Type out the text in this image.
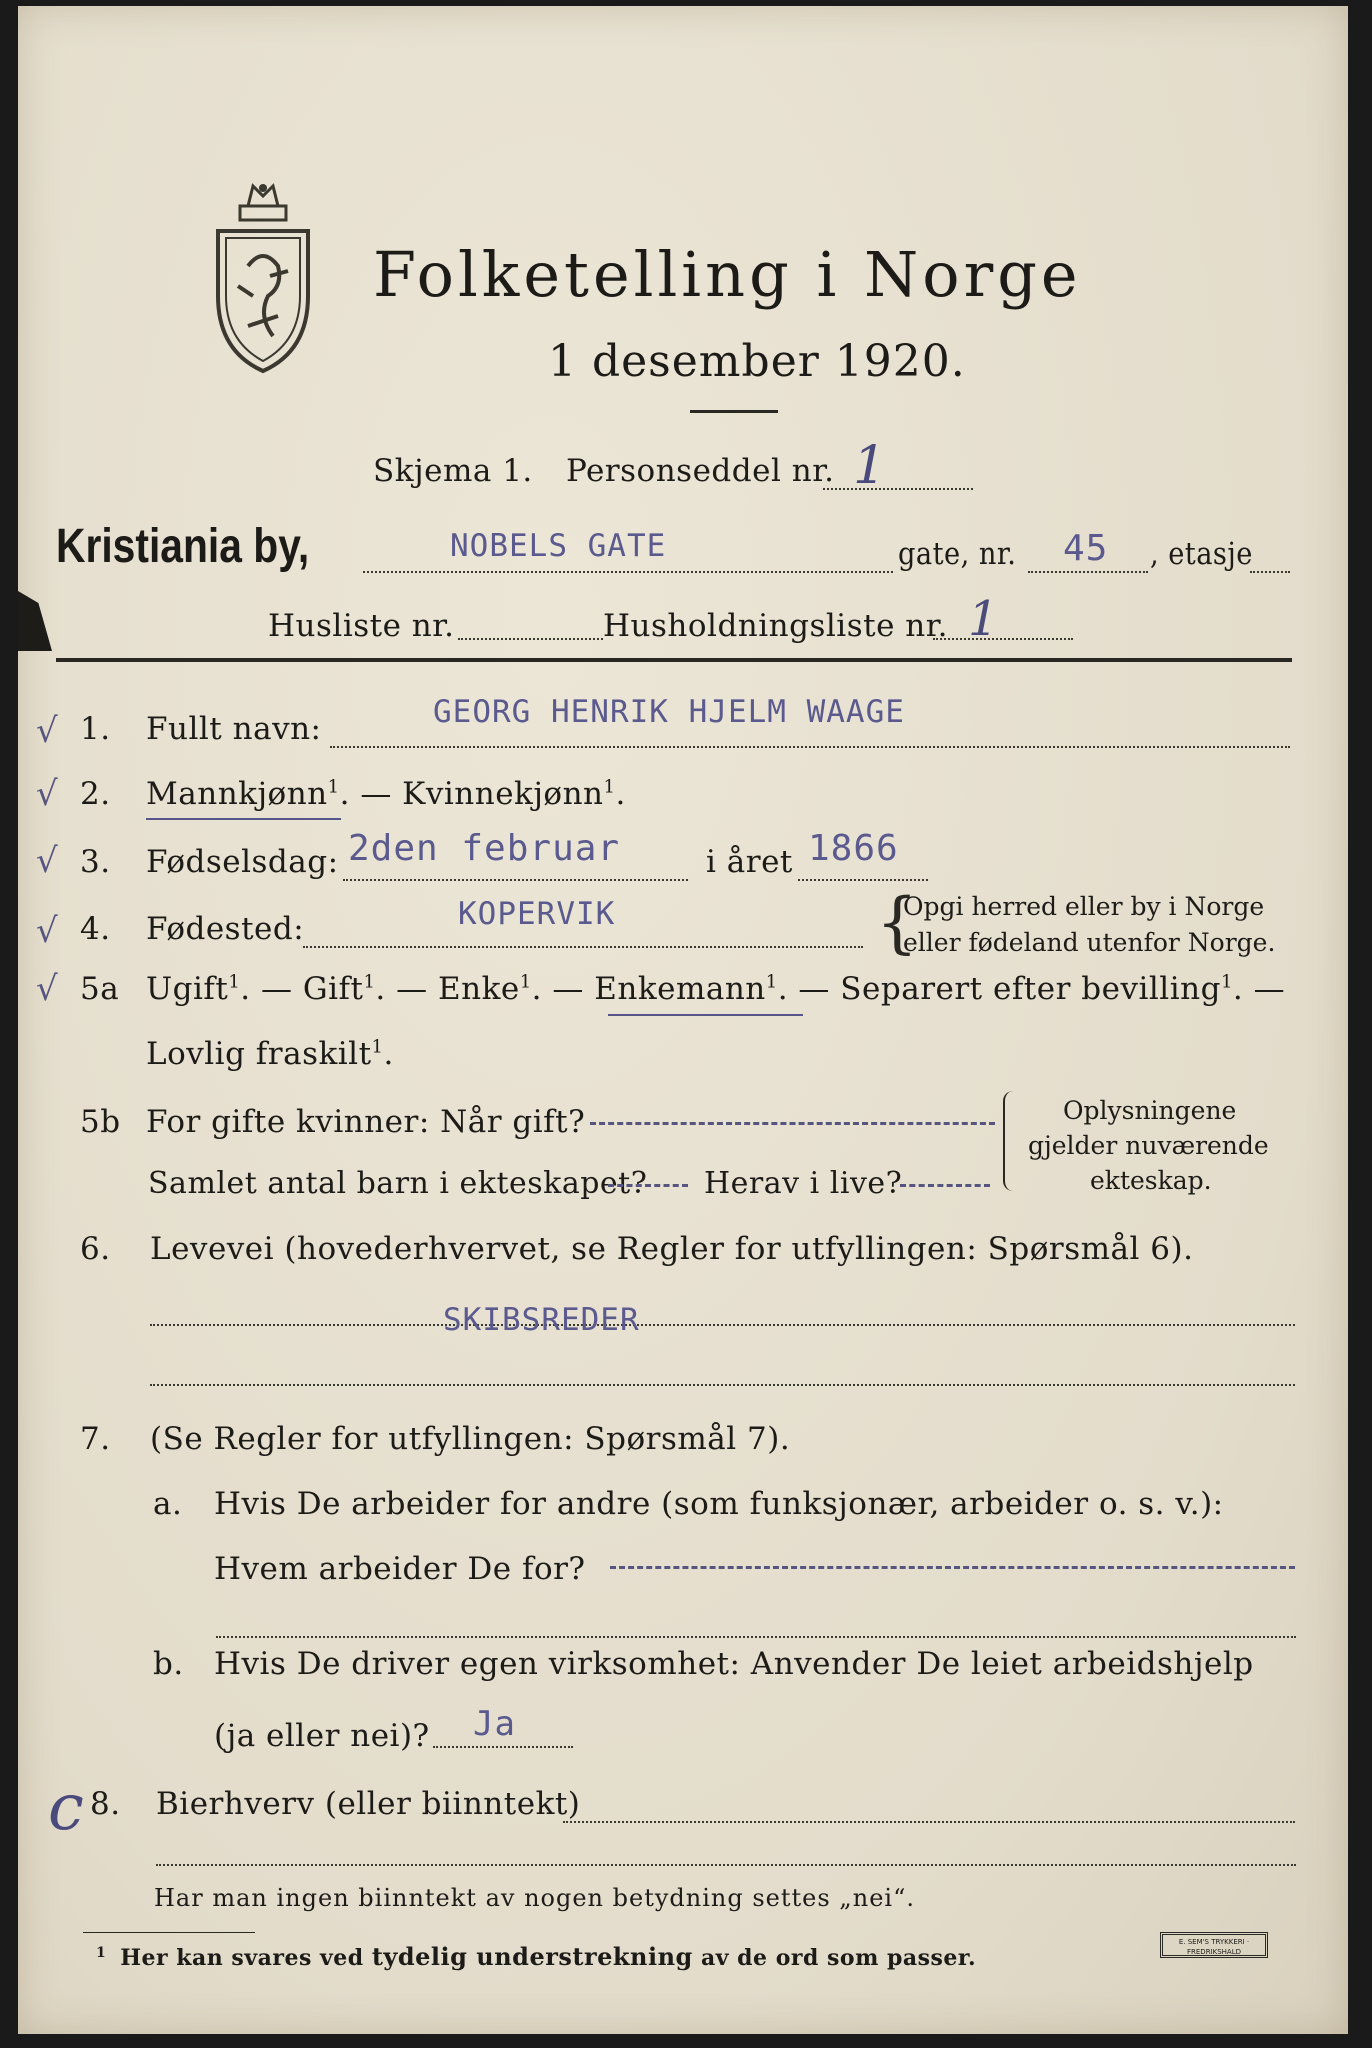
Folketelling i Norge
1 desember 1920.
Skjema 1. Personseddel nr. 1
Kristiania by,	NOBELS GATE	gate, nr. 45 , etasje
Husliste nr.	Husholdningsliste nr. 1
√ 1. Fullt navn:	GEORG HENRIK HJELM WAAGE
√ 2. Mannkjønn$^1$. — Kvinnekjønn$^1$.
√ 3. Fødselsdag: 2den februar	i året 1866
√ 4. Fødested:	KOPERVIK	{
Opgi herred eller by i Norge
eller fødeland utenfor Norge.
√ 5a Ugift$^1$. — Gift$^1$. — Enke$^1$. — Enkemann$^1$. — Separert efter bevilling$^1$. —
Lovlig fraskilt$^1$.
5b For gifte kvinner: Når gift?
Samlet antal barn i ekteskapet? Herav i live?
Oplysningene
gjelder nuværende
ekteskap.
6. Levevei (hovederhvervet, se Regler for utfyllingen: Spørsmål 6).
SKIBSREDER
7. (Se Regler for utfyllingen: Spørsmål 7).
a. Hvis De arbeider for andre (som funksjonær, arbeider o. s. v.):
Hvem arbeider De for?
b. Hvis De driver egen virksomhet: Anvender De leiet arbeidshjelp
(ja eller nei)? Ja
c 8. Bierhverv (eller biinntekt)
Har man ingen biinntekt av nogen betydning settes „nei“.
$^1$ Her kan svares ved tydelig understrekning av de ord som passer.
E. SEM'S TRYKKERI · FREDRIKSHALD
